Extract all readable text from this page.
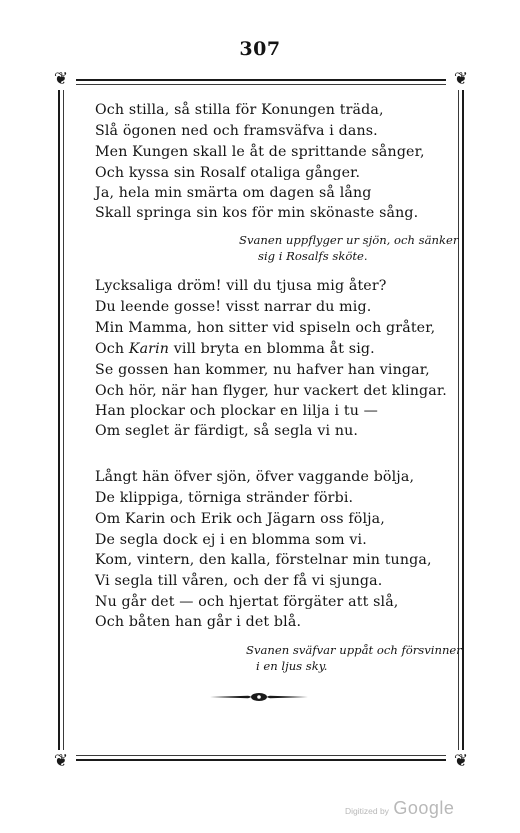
307
❦	❦
❦	❦
Och stilla, så stilla för Konungen träda,
Slå ögonen ned och framsväfva i dans.
Men Kungen skall le åt de sprittande sånger,
Och kyssa sin Rosalf otaliga gånger.
Ja, hela min smärta om dagen så lång
Skall springa sin kos för min skönaste sång.
Svanen uppflyger ur sjön, och sänker
sig i Rosalfs sköte.
Lycksaliga dröm! vill du tjusa mig åter?
Du leende gosse! visst narrar du mig.
Min Mamma, hon sitter vid spiseln och gråter,
Och Karin vill bryta en blomma åt sig.
Se gossen han kommer, nu hafver han vingar,
Och hör, när han flyger, hur vackert det klingar.
Han plockar och plockar en lilja i tu —
Om seglet är färdigt, så segla vi nu.
Långt hän öfver sjön, öfver vaggande bölja,
De klippiga, törniga stränder förbi.
Om Karin och Erik och Jägarn oss följa,
De segla dock ej i en blomma som vi.
Kom, vintern, den kalla, förstelnar min tunga,
Vi segla till våren, och der få vi sjunga.
Nu går det — och hjertat förgäter att slå,
Och båten han går i det blå.
Svanen sväfvar uppåt och försvinner
i en ljus sky.
Digitized by Google
